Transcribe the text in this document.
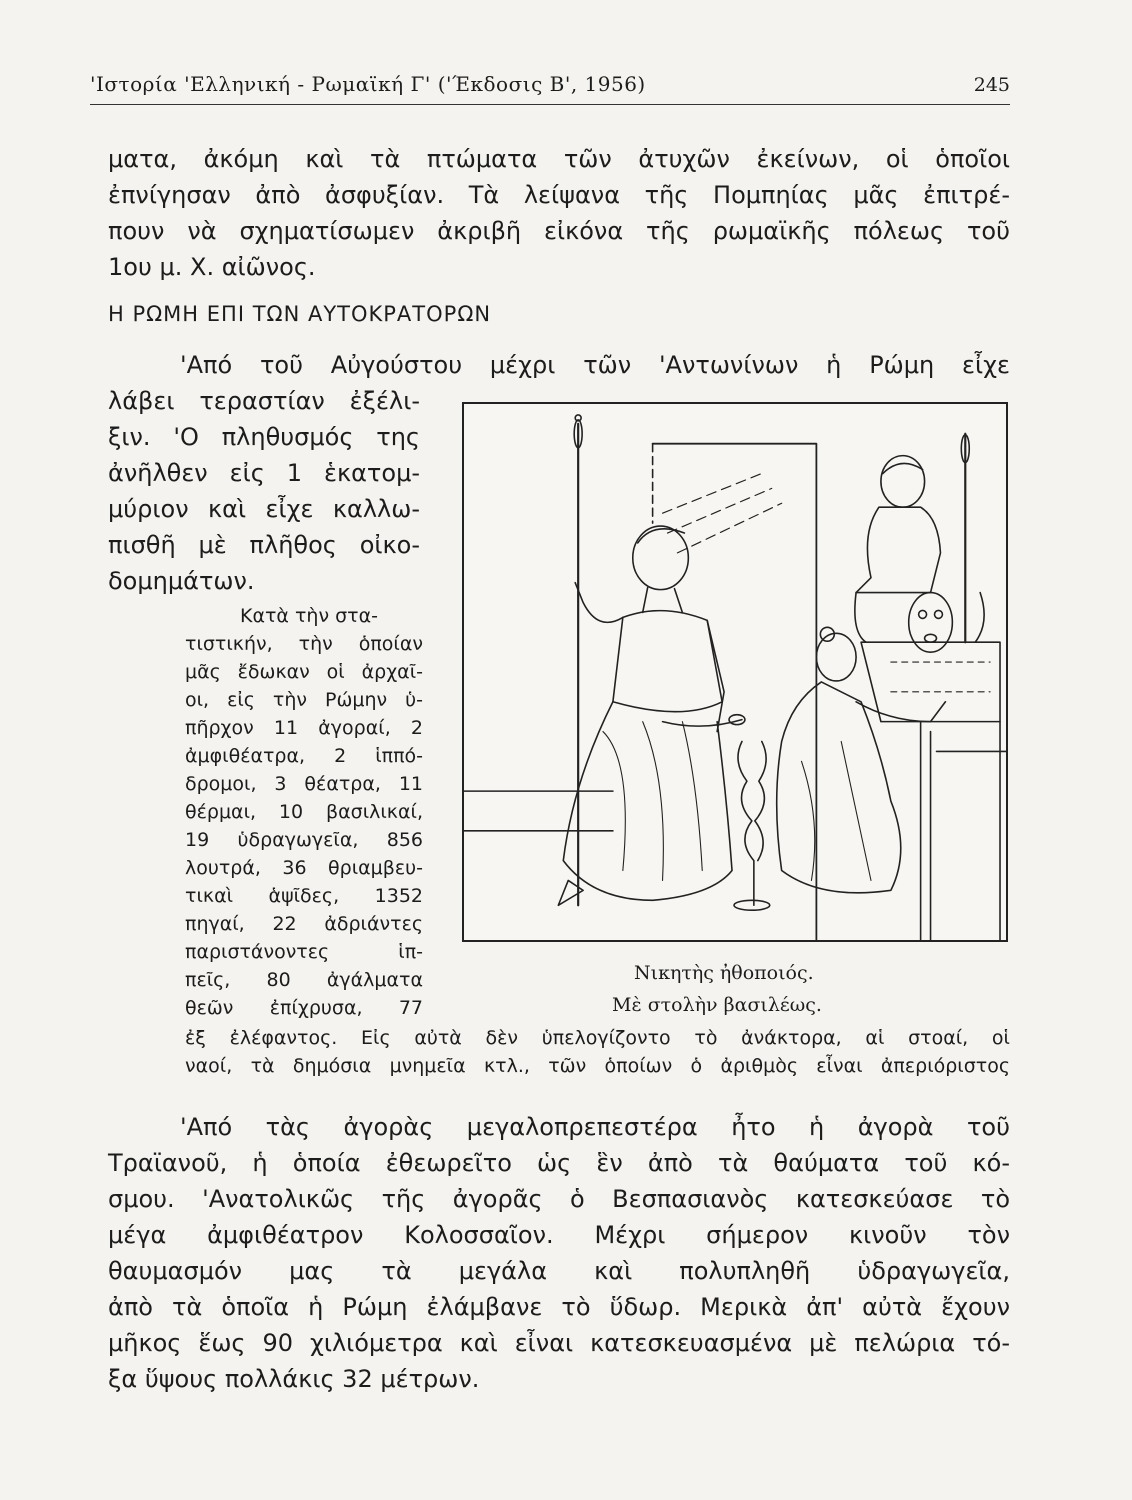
'Ιστορία 'Ελληνική - Ρωμαϊκή Γ' ('Έκδοσις Β', 1956)	245
ματα, ἀκόμη καὶ τὰ πτώματα τῶν ἀτυχῶν ἐκείνων, οἱ ὁποῖοι
ἐπνίγησαν ἀπὸ ἀσφυξίαν. Τὰ λείψανα τῆς Πομπηίας μᾶς ἐπιτρέ-
πουν νὰ σχηματίσωμεν ἀκριβῆ εἰκόνα τῆς ρωμαϊκῆς πόλεως τοῦ
1ου μ. Χ. αἰῶνος.
Η ΡΩΜΗ ΕΠΙ ΤΩΝ ΑΥΤΟΚΡΑΤΟΡΩΝ
'Από τοῦ Αὐγούστου μέχρι τῶν 'Αντωνίνων ἡ Ρώμη εἶχε
λάβει τεραστίαν ἐξέλι-
ξιν. 'Ο πληθυσμός της
ἀνῆλθεν εἰς 1 ἑκατομ-
μύριον καὶ εἶχε καλλω-
πισθῆ μὲ πλῆθος οἰκο-
δομημάτων.
Κατὰ τὴν στα-
τιστικήν, τὴν ὁποίαν
μᾶς ἔδωκαν οἱ ἀρχαῖ-
οι, εἰς τὴν Ρώμην ὑ-
πῆρχον 11 ἀγοραί, 2
ἀμφιθέατρα, 2 ἱππό-
δρομοι, 3 θέατρα, 11
θέρμαι, 10 βασιλικαί,
19 ὑδραγωγεῖα, 856
λουτρά, 36 θριαμβευ-
τικαὶ ἁψῖδες, 1352
πηγαί, 22 ἀδριάντες
παριστάνοντες ἱπ-
πεῖς, 80 ἀγάλματα
θεῶν ἐπίχρυσα, 77
ἐξ ἐλέφαντος. Εἰς αὐτὰ δὲν ὑπελογίζοντο τὸ ἀνάκτορα, αἱ στοαί, οἱ
ναοί, τὰ δημόσια μνημεῖα κτλ., τῶν ὁποίων ὁ ἀριθμὸς εἶναι ἀπεριόριστος
Νικητὴς ἠθοποιός.
Μὲ στολὴν βασιλέως.
'Από τὰς ἀγορὰς μεγαλοπρεπεστέρα ἦτο ἡ ἀγορὰ τοῦ
Τραϊανοῦ, ἡ ὁποία ἐθεωρεῖτο ὡς ἓν ἀπὸ τὰ θαύματα τοῦ κό-
σμου. 'Ανατολικῶς τῆς ἀγορᾶς ὁ Βεσπασιανὸς κατεσκεύασε τὸ
μέγα ἀμφιθέατρον Κολοσσαῖον. Μέχρι σήμερον κινοῦν τὸν
θαυμασμόν μας τὰ μεγάλα καὶ πολυπληθῆ ὑδραγωγεῖα,
ἀπὸ τὰ ὁποῖα ἡ Ρώμη ἐλάμβανε τὸ ὕδωρ. Μερικὰ ἀπ' αὐτὰ ἔχουν
μῆκος ἕως 90 χιλιόμετρα καὶ εἶναι κατεσκευασμένα μὲ πελώρια τό-
ξα ὕψους πολλάκις 32 μέτρων.
